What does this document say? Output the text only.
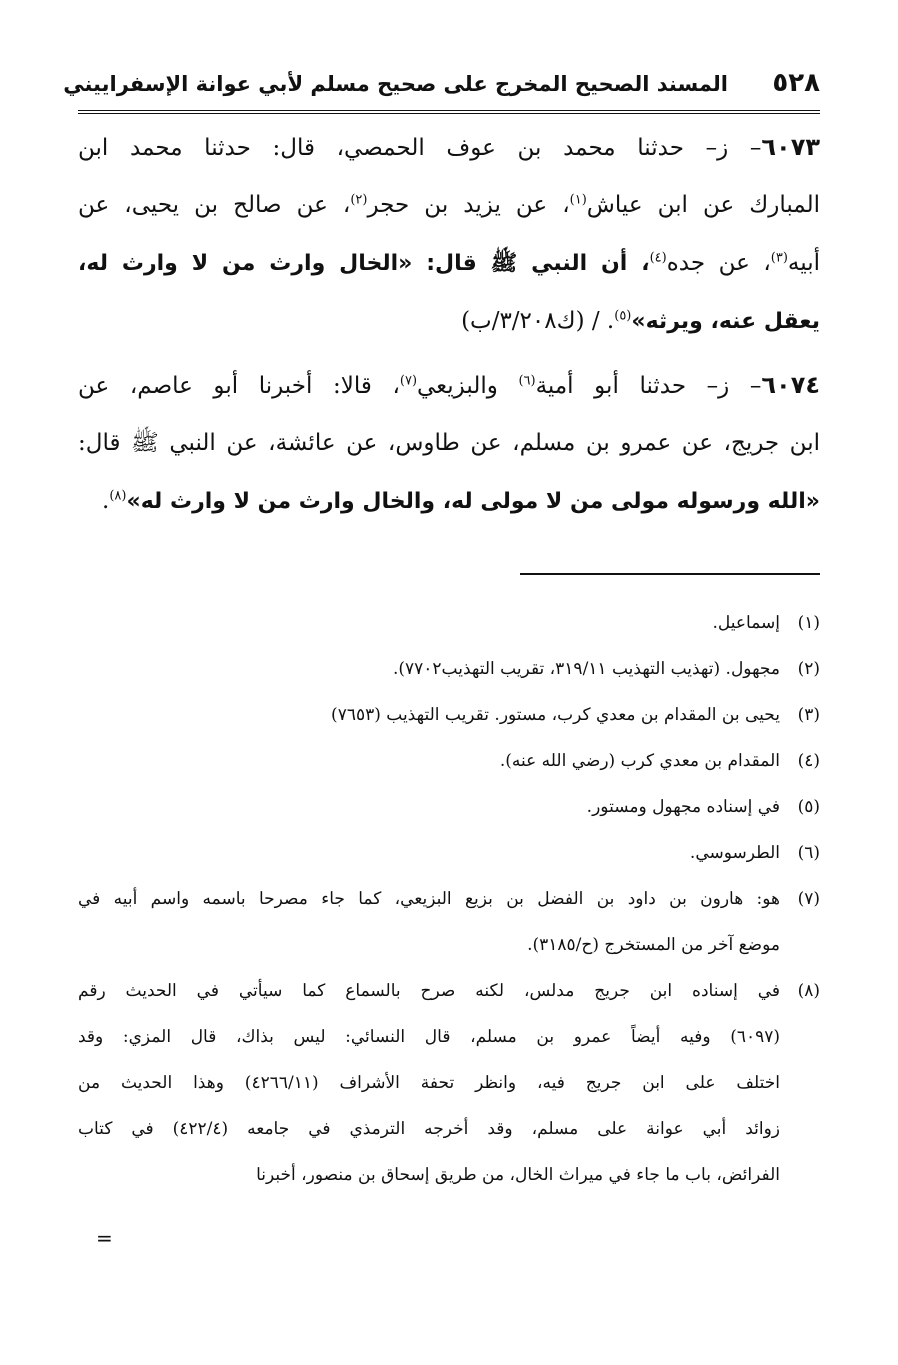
٥٢٨
المسند الصحيح المخرج على صحيح مسلم لأبي عوانة الإسفراييني
٦٠٧٣– ز– حدثنا محمد بن عوف الحمصي، قال: حدثنا محمد ابن
المبارك عن ابن عياش$^{(١)}$، عن يزيد بن حجر$^{(٢)}$، عن صالح بن يحيى، عن
أبيه$^{(٣)}$، عن جده$^{(٤)}$، أن النبي ﷺ قال: «الخال وارث من لا وارث له،
يعقل عنه، ويرثه»$^{(٥)}$. / (ك٣/٢٠٨/ب)
٦٠٧٤– ز– حدثنا أبو أمية$^{(٦)}$ والبزيعي$^{(٧)}$، قالا: أخبرنا أبو عاصم، عن
ابن جريج، عن عمرو بن مسلم، عن طاوس، عن عائشة، عن النبي ﷺ قال:
«الله ورسوله مولى من لا مولى له، والخال وارث من لا وارث له»$^{(٨)}$.
(١)إسماعيل.
(٢)مجهول. (تهذيب التهذيب ٣١٩/١١، تقريب التهذيب٧٧٠٢).
(٣)يحيى بن المقدام بن معدي كرب، مستور. تقريب التهذيب (٧٦٥٣)
(٤)المقدام بن معدي كرب (رضي الله عنه).
(٥)في إسناده مجهول ومستور.
(٦)الطرسوسي.
(٧)هو: هارون بن داود بن الفضل بن بزيع البزيعي، كما جاء مصرحا باسمه واسم أبيه في
موضع آخر من المستخرج (ح/٣١٨٥).
(٨)في إسناده ابن جريج مدلس، لكنه صرح بالسماع كما سيأتي في الحديث رقم
(٦٠٩٧) وفيه أيضاً عمرو بن مسلم، قال النسائي: ليس بذاك، قال المزي: وقد
اختلف على ابن جريج فيه، وانظر تحفة الأشراف (٤٢٦٦/١١) وهذا الحديث من
زوائد أبي عوانة على مسلم، وقد أخرجه الترمذي في جامعه (٤٢٢/٤) في كتاب
الفرائض، باب ما جاء في ميراث الخال، من طريق إسحاق بن منصور، أخبرنا
=
